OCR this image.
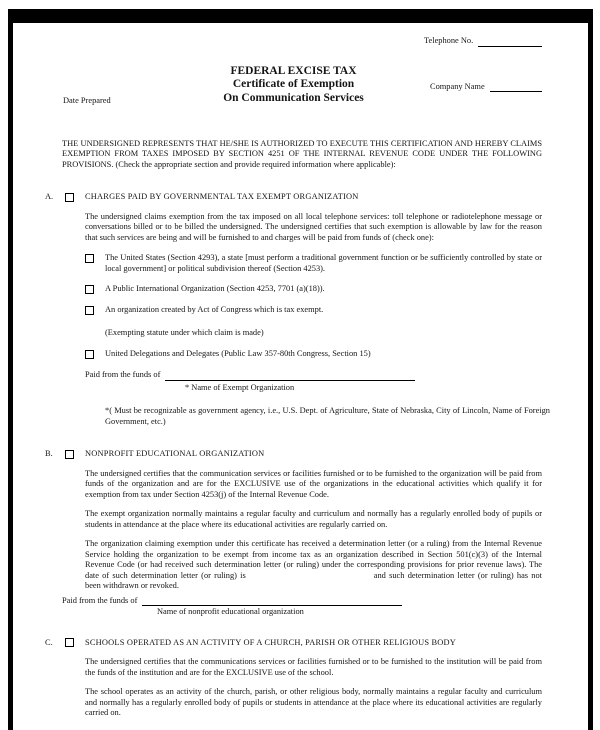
Telephone No.
FEDERAL EXCISE TAX
Certificate of Exemption
On Communication Services
Company Name
Date Prepared

THE UNDERSIGNED REPRESENTS THAT HE/SHE IS AUTHORIZED TO EXECUTE THIS CERTIFICATION AND HEREBY CLAIMS EXEMPTION FROM TAXES IMPOSED BY SECTION 4251 OF THE INTERNAL REVENUE CODE UNDER THE FOLLOWING PROVISIONS. (Check the appropriate section and provide required information where applicable):

A.	CHARGES PAID BY GOVERNMENTAL TAX EXEMPT ORGANIZATION

The undersigned claims exemption from the tax imposed on all local telephone services: toll telephone or radiotelephone message or conversations billed or to be billed the undersigned. The undersigned certifies that such exemption is allowable by law for the reason that such services are being and will be furnished to and charges will be paid from funds of (check one):

The United States (Section 4293), a state [must perform a traditional government function or be sufficiently controlled by state or local government] or political subdivision thereof (Section 4253).

A Public International Organization (Section 4253, 7701 (a)(18)).

An organization created by Act of Congress which is tax exempt.

(Exempting statute under which claim is made)

United Delegations and Delegates (Public Law 357-80th Congress, Section 15)

Paid from the funds of
* Name of Exempt Organization
*( Must be recognizable as government agency, i.e., U.S. Dept. of Agriculture, State of Nebraska, City of Lincoln, Name of Foreign Government, etc.)
B.	NONPROFIT EDUCATIONAL ORGANIZATION

The undersigned certifies that the communication services or facilities furnished or to be furnished to the organization will be paid from funds of the organization and are for the EXCLUSIVE use of the organizations in the educational activities which qualify it for exemption from tax under Section 4253(j) of the Internal Revenue Code.

The exempt organization normally maintains a regular faculty and curriculum and normally has a regularly enrolled body of pupils or students in attendance at the place where its educational activities are regularly carried on.

The organization claiming exemption under this certificate has received a determination letter (or a ruling) from the Internal Revenue Service holding the organization to be exempt from income tax as an organization described in Section 501(c)(3) of the Internal Revenue Code (or had received such determination letter (or ruling) under the corresponding provisions for prior revenue laws). The date of such determination letter (or ruling) is	and such determination letter (or ruling) has not been withdrawn or revoked.

Paid from the funds of
Name of nonprofit educational organization
C.	SCHOOLS OPERATED AS AN ACTIVITY OF A CHURCH, PARISH OR OTHER RELIGIOUS BODY

The undersigned certifies that the communications services or facilities furnished or to be furnished to the institution will be paid from the funds of the institution and are for the EXCLUSIVE use of the school.

The school operates as an activity of the church, parish, or other religious body, normally maintains a regular faculty and curriculum and normally has a regularly enrolled body of pupils or students in attendance at the place where its educational activities are regularly carried on.
